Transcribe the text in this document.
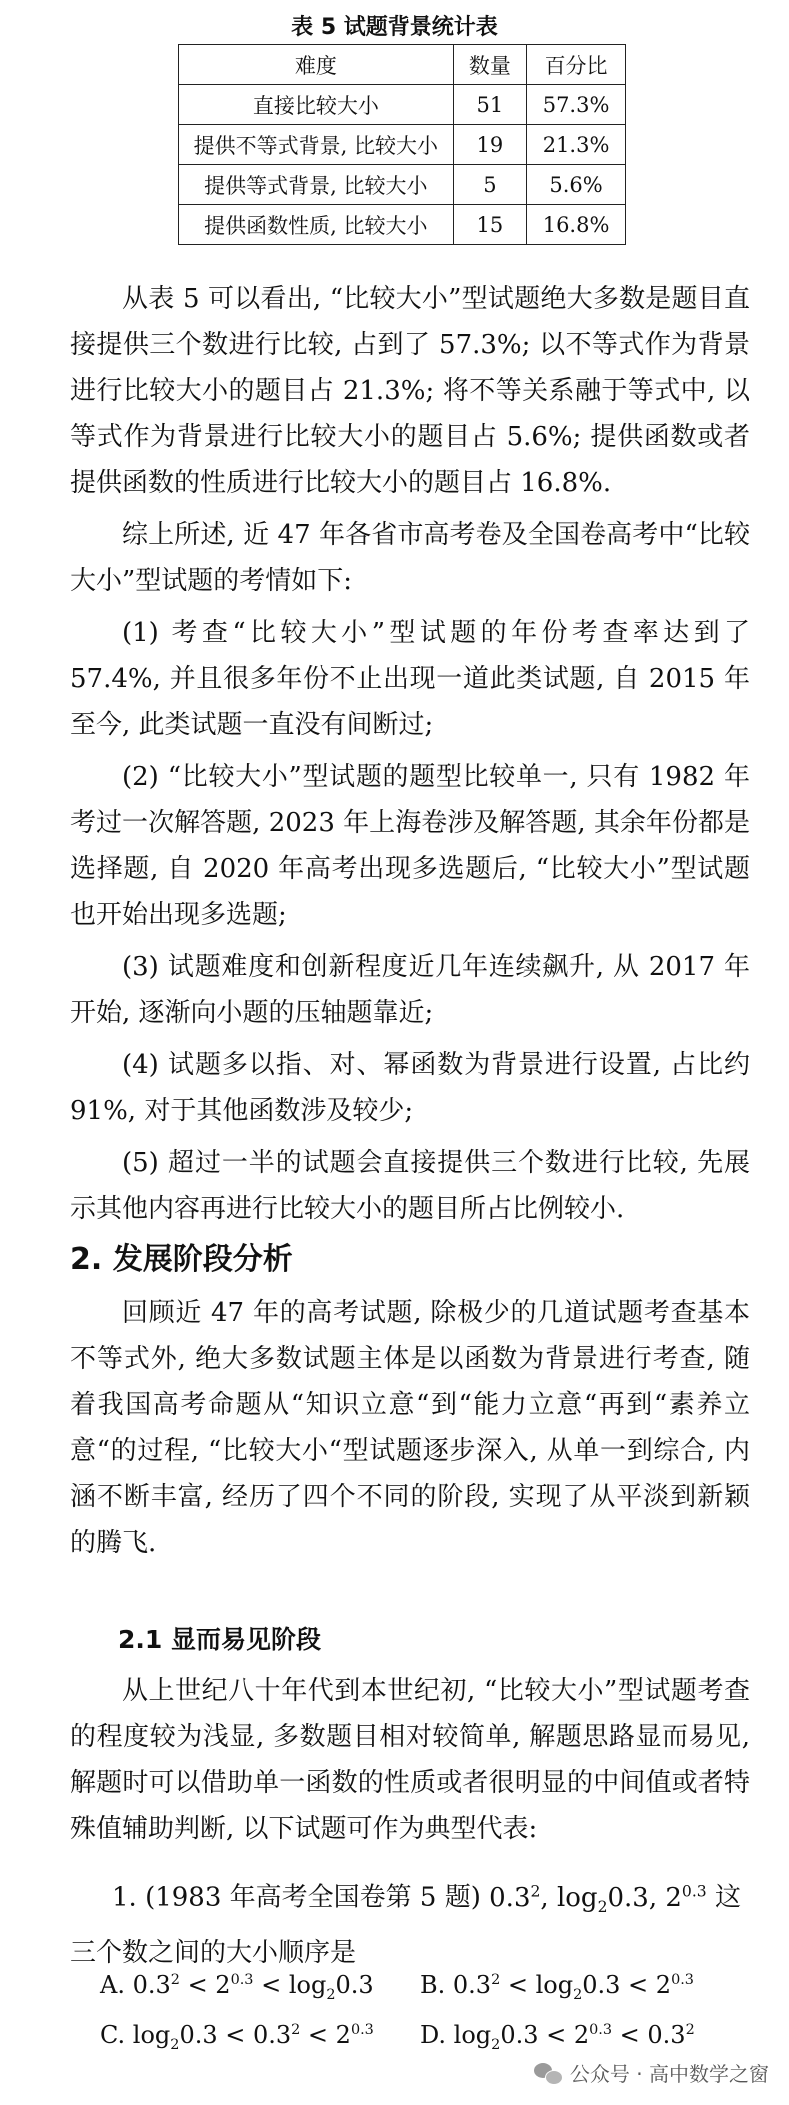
表 5 试题背景统计表
难度	数量	百分比
直接比较大小	51	57.3%
提供不等式背景, 比较大小	19	21.3%
提供等式背景, 比较大小	5	5.6%
提供函数性质, 比较大小	15	16.8%

从表 5 可以看出, “比较大小”型试题绝大多数是题目直接提供三个数进行比较, 占到了 57.3%; 以不等式作为背景进行比较大小的题目占 21.3%; 将不等关系融于等式中, 以等式作为背景进行比较大小的题目占 5.6%; 提供函数或者提供函数的性质进行比较大小的题目占 16.8%.

综上所述, 近 47 年各省市高考卷及全国卷高考中“比较大小”型试题的考情如下:

(1) 考查“比较大小”型试题的年份考查率达到了 57.4%, 并且很多年份不止出现一道此类试题, 自 2015 年至今, 此类试题一直没有间断过;

(2) “比较大小”型试题的题型比较单一, 只有 1982 年考过一次解答题, 2023 年上海卷涉及解答题, 其余年份都是选择题, 自 2020 年高考出现多选题后, “比较大小”型试题也开始出现多选题;

(3) 试题难度和创新程度近几年连续飙升, 从 2017 年开始, 逐渐向小题的压轴题靠近;

(4) 试题多以指、对、幂函数为背景进行设置, 占比约 91%, 对于其他函数涉及较少;

(5) 超过一半的试题会直接提供三个数进行比较, 先展示其他内容再进行比较大小的题目所占比例较小.

2. 发展阶段分析

回顾近 47 年的高考试题, 除极少的几道试题考查基本不等式外, 绝大多数试题主体是以函数为背景进行考查, 随着我国高考命题从“知识立意“到“能力立意“再到“素养立意“的过程, “比较大小“型试题逐步深入, 从单一到综合, 内涵不断丰富, 经历了四个不同的阶段, 实现了从平淡到新颖的腾飞.

2.1 显而易见阶段

从上世纪八十年代到本世纪初, “比较大小”型试题考查的程度较为浅显, 多数题目相对较简单, 解题思路显而易见, 解题时可以借助单一函数的性质或者很明显的中间值或者特殊值辅助判断, 以下试题可作为典型代表:

1. (1983 年高考全国卷第 5 题) $0.3^2$, $\log_20.3$, $2^{0.3}$ 这三个数之间的大小顺序是
A. $0.3^2 < 2^{0.3} < \log_20.3$	B. $0.3^2 < \log_20.3 < 2^{0.3}$
C. $\log_20.3 < 0.3^2 < 2^{0.3}$	D. $\log_20.3 < 2^{0.3} < 0.3^2$
公众号 · 高中数学之窗
